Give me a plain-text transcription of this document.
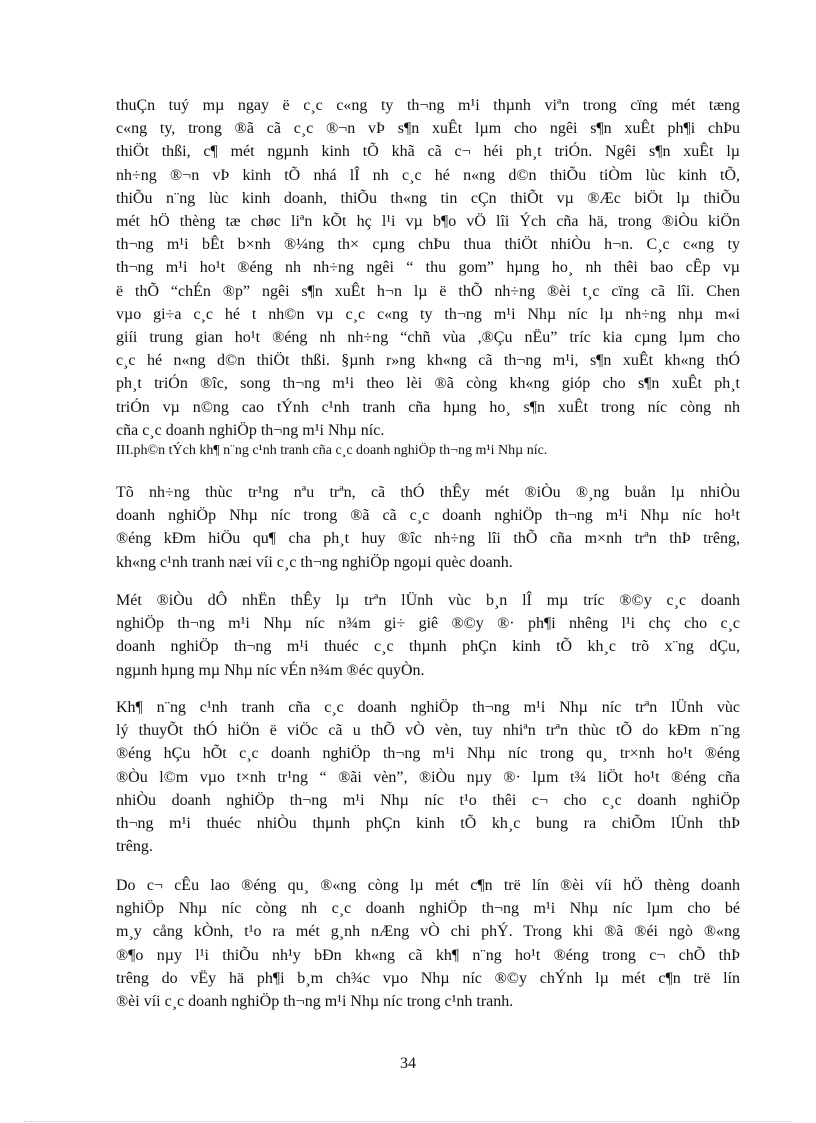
thuÇn tuý mµ ngay ë c¸c c«ng ty th¬ng m¹i thµnh viªn trong cïng mét tæng
c«ng ty, trong ®ã cã c¸c ®¬n vÞ s¶n xuÊt lµm cho ngêi s¶n xuÊt ph¶i chÞu
thiÖt thßi, c¶ mét ngµnh kinh tÕ khã cã c¬ héi ph¸t triÓn. Ngêi s¶n xuÊt lµ
nh÷ng ®¬n vÞ kinh tÕ nhá lÎ nh c¸c hé n«ng d©n thiÕu tiÒm lùc kinh tÕ,
thiÕu n¨ng lùc kinh doanh, thiÕu th«ng tin cÇn thiÕt vµ ®Æc biÖt lµ thiÕu
mét hÖ thèng tæ chøc liªn kÕt hç l¹i vµ b¶o vÖ lîi Ých cña hä, trong ®iÒu kiÖn
th¬ng m¹i bÊt b×nh ®¼ng th× cµng chÞu thua thiÖt nhiÒu h¬n. C¸c c«ng ty
th¬ng m¹i ho¹t ®éng nh nh÷ng ngêi “ thu gom” hµng ho¸ nh thêi bao cÊp vµ
ë thÕ “chÉn ®p” ngêi s¶n xuÊt h¬n lµ ë thÕ nh÷ng ®èi t¸c cïng cã lîi. Chen
vµo gi÷a c¸c hé t nh©n vµ c¸c c«ng ty th¬ng m¹i Nhµ níc lµ nh÷ng nhµ m«i
giíi trung gian ho¹t ®éng nh nh÷ng “chñ vùa ,®Çu nËu” tríc kia cµng lµm cho
c¸c hé n«ng d©n thiÖt thßi. §µnh r»ng kh«ng cã th¬ng m¹i, s¶n xuÊt kh«ng thÓ
ph¸t triÓn ®îc, song th¬ng m¹i theo lèi ®ã còng kh«ng gióp cho s¶n xuÊt ph¸t
triÓn vµ n©ng cao tÝnh c¹nh tranh cña hµng ho¸ s¶n xuÊt trong níc còng nh
cña c¸c doanh nghiÖp th¬ng m¹i Nhµ níc.

III.ph©n tÝch kh¶ n¨ng c¹nh tranh cña c¸c doanh nghiÖp th¬ng m¹i Nhµ níc.

Tõ nh÷ng thùc tr¹ng nªu trªn, cã thÓ thÊy mét ®iÒu ®¸ng buån lµ nhiÒu
doanh nghiÖp Nhµ níc trong ®ã cã c¸c doanh nghiÖp th¬ng m¹i Nhµ níc ho¹t
®éng kÐm hiÖu qu¶ cha ph¸t huy ®îc nh÷ng lîi thÕ cña m×nh trªn thÞ trêng,
kh«ng c¹nh tranh næi víi c¸c th¬ng nghiÖp ngoµi quèc doanh.
Mét ®iÒu dÔ nhËn thÊy lµ trªn lÜnh vùc b¸n lÎ mµ tríc ®©y c¸c doanh
nghiÖp th¬ng m¹i Nhµ níc n¾m gi÷ giê ®©y ®· ph¶i nhêng l¹i chç cho c¸c
doanh nghiÖp th¬ng m¹i thuéc c¸c thµnh phÇn kinh tÕ kh¸c trõ x¨ng dÇu,
ngµnh hµng mµ Nhµ níc vÉn n¾m ®éc quyÒn.
Kh¶ n¨ng c¹nh tranh cña c¸c doanh nghiÖp th¬ng m¹i Nhµ níc trªn lÜnh vùc
lý thuyÕt thÓ hiÖn ë viÖc cã u thÕ vÒ vèn, tuy nhiªn trªn thùc tÕ do kÐm n¨ng
®éng hÇu hÕt c¸c doanh nghiÖp th¬ng m¹i Nhµ níc trong qu¸ tr×nh ho¹t ®éng
®Òu l©m vµo t×nh tr¹ng “ ®ãi vèn”, ®iÒu nµy ®· lµm t¾ liÖt ho¹t ®éng cña
nhiÒu doanh nghiÖp th¬ng m¹i Nhµ níc t¹o thêi c¬ cho c¸c doanh nghiÖp
th¬ng m¹i thuéc nhiÒu thµnh phÇn kinh tÕ kh¸c bung ra chiÕm lÜnh thÞ
trêng.
Do c¬ cÊu lao ®éng qu¸ ®«ng còng lµ mét c¶n trë lín ®èi víi hÖ thèng doanh
nghiÖp Nhµ níc còng nh c¸c doanh nghiÖp th¬ng m¹i Nhµ níc lµm cho bé
m¸y cång kÒnh, t¹o ra mét g¸nh nÆng vÒ chi phÝ. Trong khi ®ã ®éi ngò ®«ng
®¶o nµy l¹i thiÕu nh¹y bÐn kh«ng cã kh¶ n¨ng ho¹t ®éng trong c¬ chÕ thÞ
trêng do vËy hä ph¶i b¸m ch¾c vµo Nhµ níc ®©y chÝnh lµ mét c¶n trë lín
®èi víi c¸c doanh nghiÖp th¬ng m¹i Nhµ níc trong c¹nh tranh.

34
